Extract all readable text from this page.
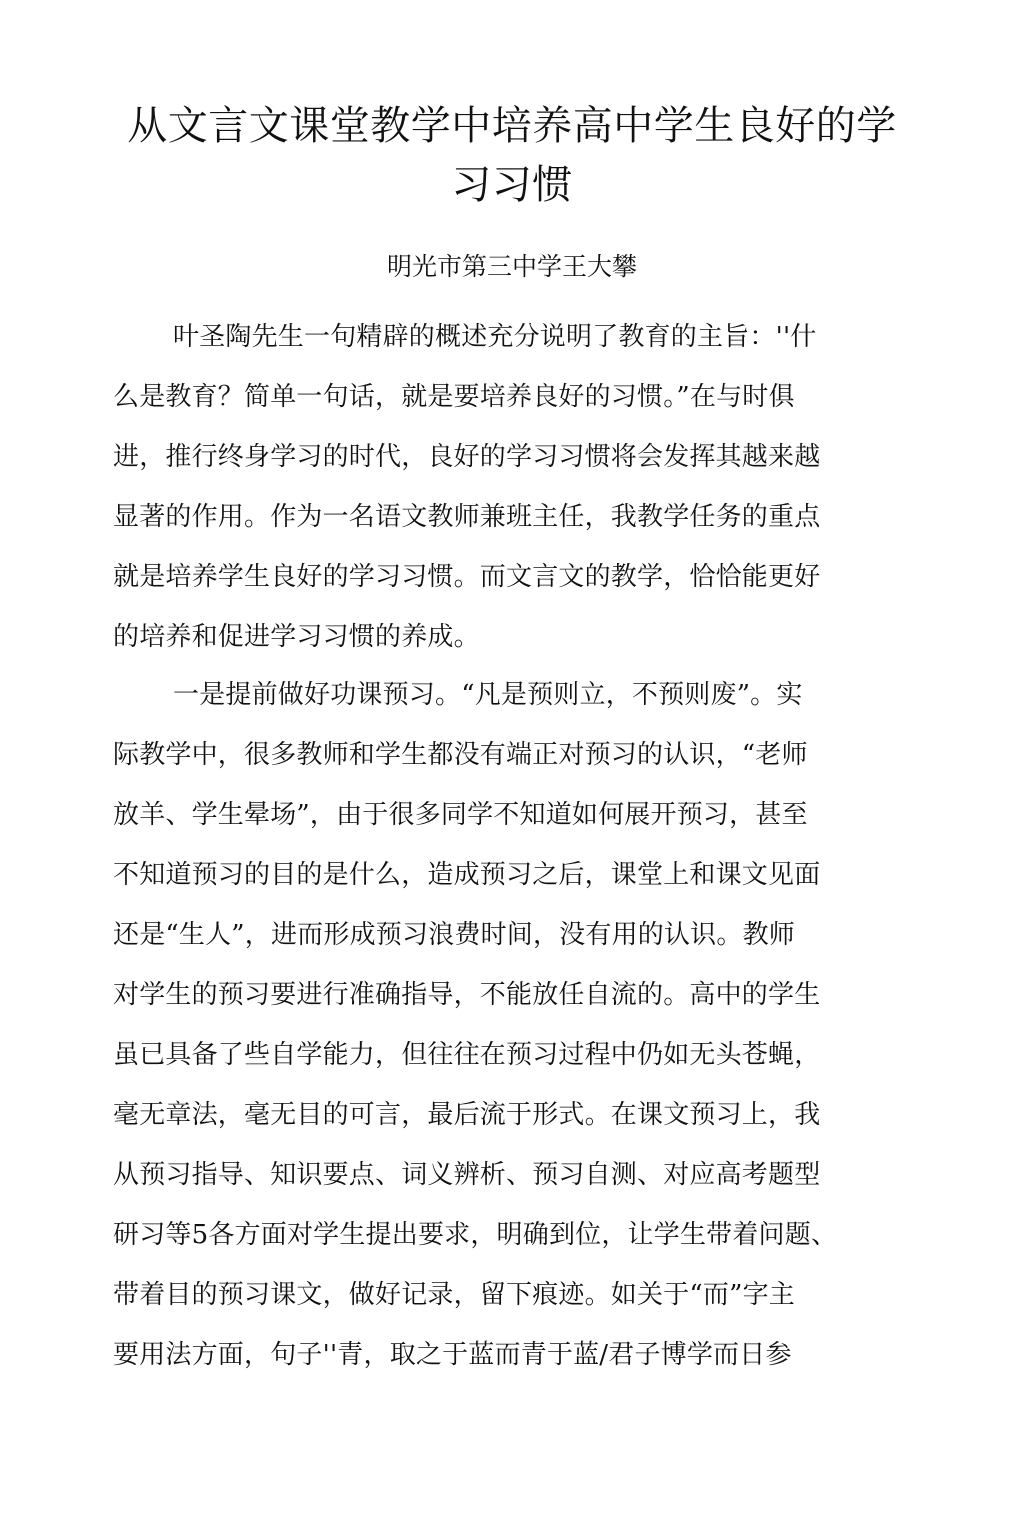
从文言文课堂教学中培养高中学生良好的学
习习惯
明光市第三中学王大攀
叶圣陶先生一句精辟的概述充分说明了教育的主旨：''什
么是教育？简单一句话，就是要培养良好的习惯。”在与时俱
进，推行终身学习的时代，良好的学习习惯将会发挥其越来越
显著的作用。作为一名语文教师兼班主任，我教学任务的重点
就是培养学生良好的学习习惯。而文言文的教学，恰恰能更好
的培养和促进学习习惯的养成。
一是提前做好功课预习。“凡是预则立，不预则废”。实
际教学中，很多教师和学生都没有端正对预习的认识，“老师
放羊、学生晕场”，由于很多同学不知道如何展开预习，甚至
不知道预习的目的是什么，造成预习之后，课堂上和课文见面
还是“生人”，进而形成预习浪费时间，没有用的认识。教师
对学生的预习要进行准确指导，不能放任自流的。高中的学生
虽已具备了些自学能力，但往往在预习过程中仍如无头苍蝇，
毫无章法，毫无目的可言，最后流于形式。在课文预习上，我
从预习指导、知识要点、词义辨析、预习自测、对应高考题型
研习等5各方面对学生提出要求，明确到位，让学生带着问题、
带着目的预习课文，做好记录，留下痕迹。如关于“而”字主
要用法方面，句子''青，取之于蓝而青于蓝/君子博学而日参
